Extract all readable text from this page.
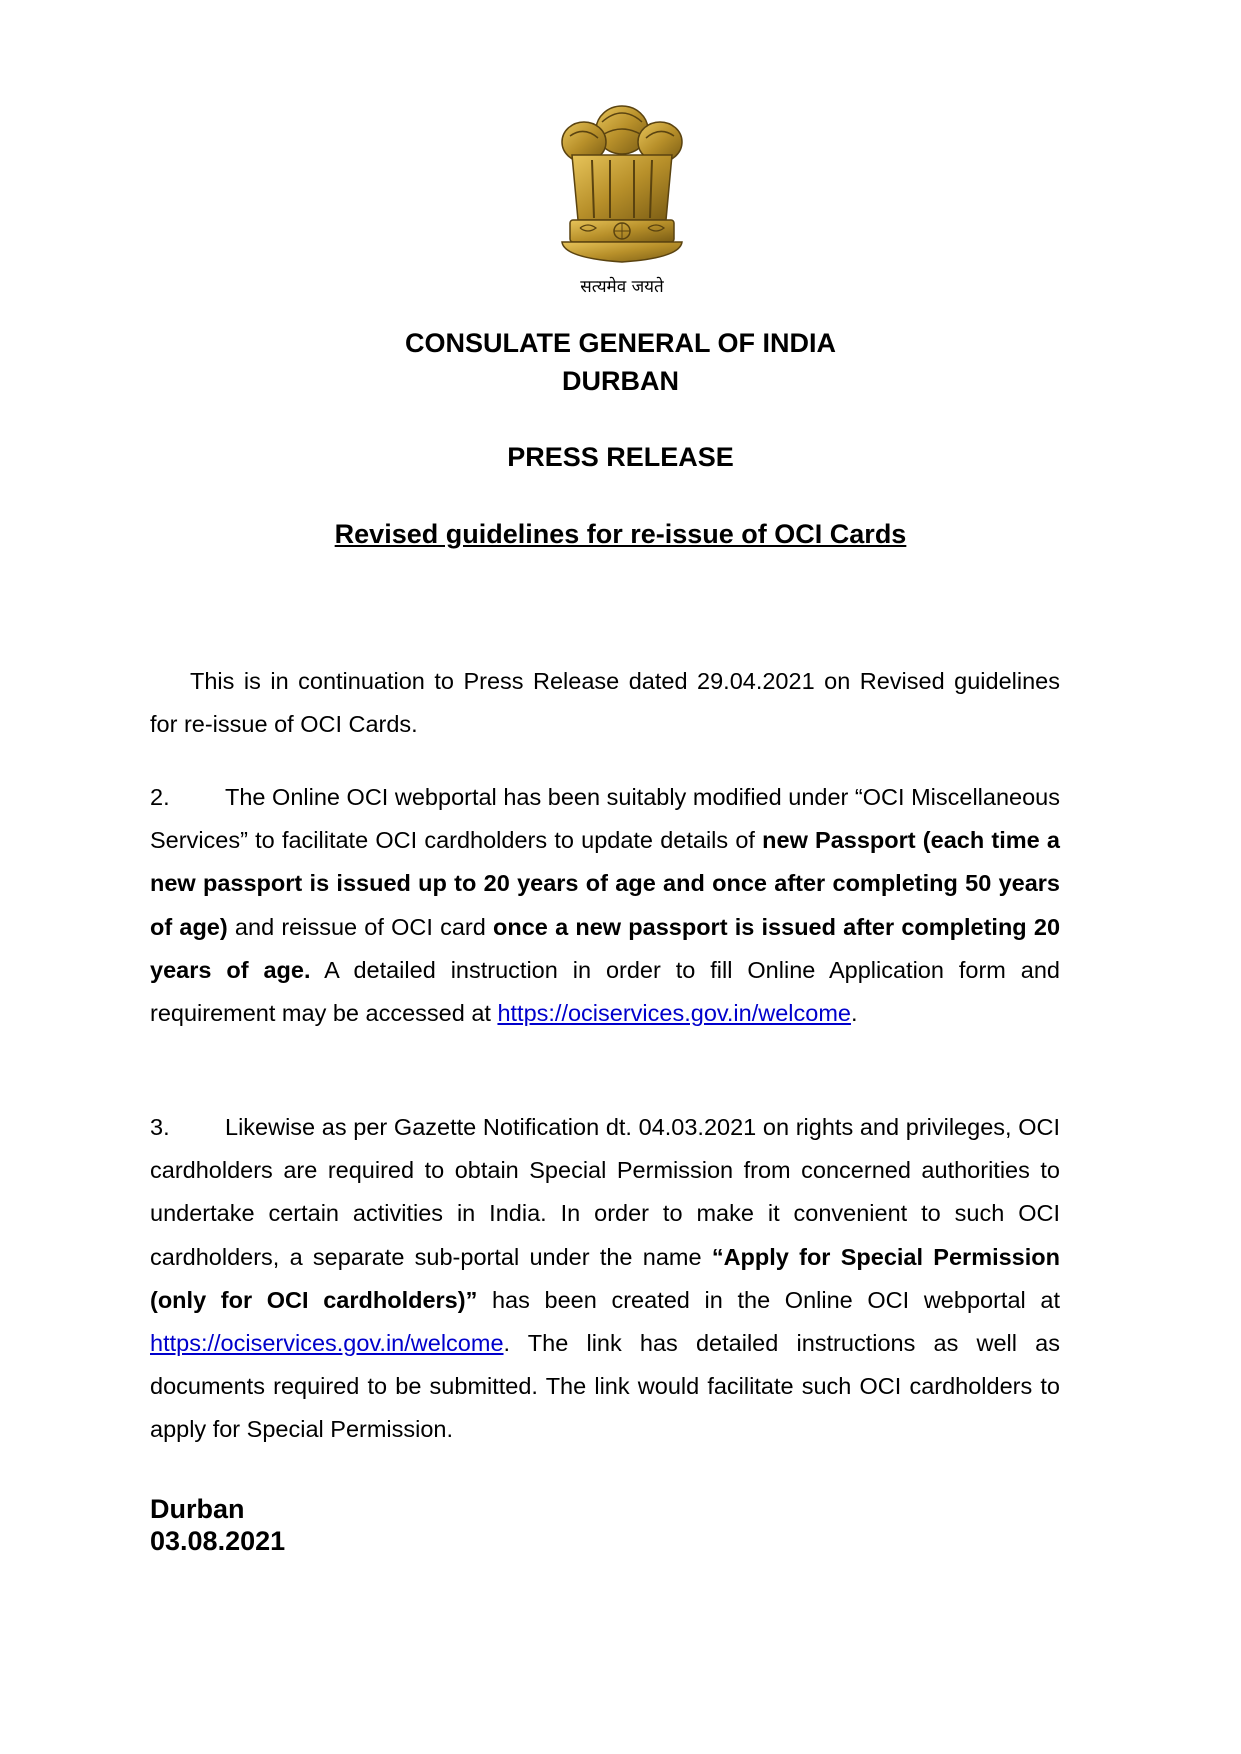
सत्यमेव जयते

CONSULATE GENERAL OF INDIA

DURBAN

PRESS RELEASE

Revised guidelines for re-issue of OCI Cards

This is in continuation to Press Release dated 29.04.2021 on Revised guidelines for re-issue of OCI Cards.

2. The Online OCI webportal has been suitably modified under “OCI Miscellaneous Services” to facilitate OCI cardholders to update details of new Passport (each time a new passport is issued up to 20 years of age and once after completing 50 years of age) and reissue of OCI card once a new passport is issued after completing 20 years of age. A detailed instruction in order to fill Online Application form and requirement may be accessed at https://ociservices.gov.in/welcome.

3. Likewise as per Gazette Notification dt. 04.03.2021 on rights and privileges, OCI cardholders are required to obtain Special Permission from concerned authorities to undertake certain activities in India. In order to make it convenient to such OCI cardholders, a separate sub-portal under the name “Apply for Special Permission (only for OCI cardholders)” has been created in the Online OCI webportal at https://ociservices.gov.in/welcome. The link has detailed instructions as well as documents required to be submitted. The link would facilitate such OCI cardholders to apply for Special Permission.

Durban

03.08.2021
